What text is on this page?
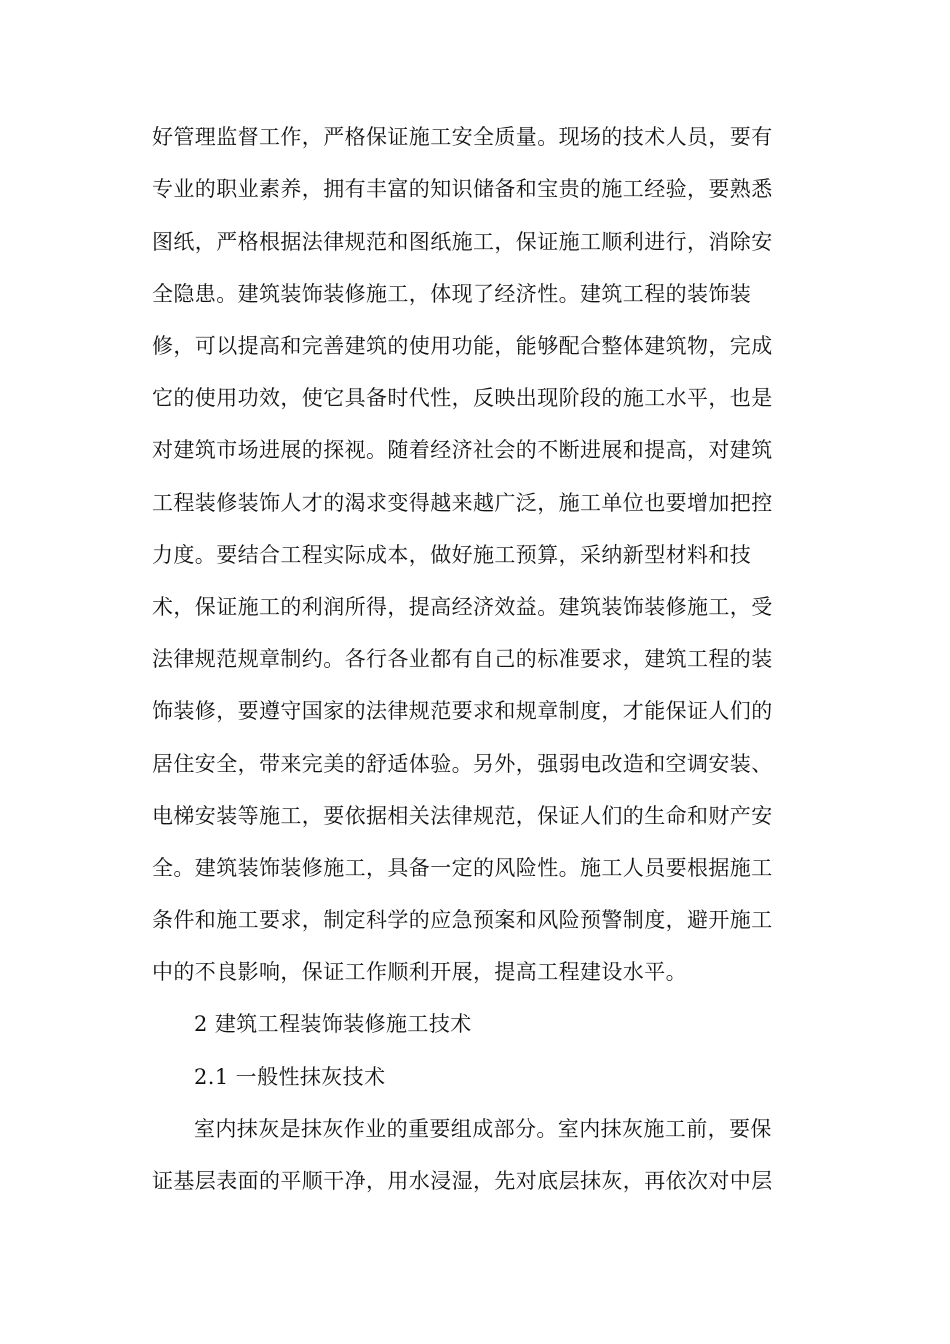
好管理监督工作，严格保证施工安全质量。现场的技术人员，要有
专业的职业素养，拥有丰富的知识储备和宝贵的施工经验，要熟悉
图纸，严格根据法律规范和图纸施工，保证施工顺利进行，消除安
全隐患。建筑装饰装修施工，体现了经济性。建筑工程的装饰装
修，可以提高和完善建筑的使用功能，能够配合整体建筑物，完成
它的使用功效，使它具备时代性，反映出现阶段的施工水平，也是
对建筑市场进展的探视。随着经济社会的不断进展和提高，对建筑
工程装修装饰人才的渴求变得越来越广泛，施工单位也要增加把控
力度。要结合工程实际成本，做好施工预算，采纳新型材料和技
术，保证施工的利润所得，提高经济效益。建筑装饰装修施工，受
法律规范规章制约。各行各业都有自己的标准要求，建筑工程的装
饰装修，要遵守国家的法律规范要求和规章制度，才能保证人们的
居住安全，带来完美的舒适体验。另外，强弱电改造和空调安装、
电梯安装等施工，要依据相关法律规范，保证人们的生命和财产安
全。建筑装饰装修施工，具备一定的风险性。施工人员要根据施工
条件和施工要求，制定科学的应急预案和风险预警制度，避开施工
中的不良影响，保证工作顺利开展，提高工程建设水平。
2 建筑工程装饰装修施工技术
2.1 一般性抹灰技术
室内抹灰是抹灰作业的重要组成部分。室内抹灰施工前，要保
证基层表面的平顺干净，用水浸湿，先对底层抹灰，再依次对中层
